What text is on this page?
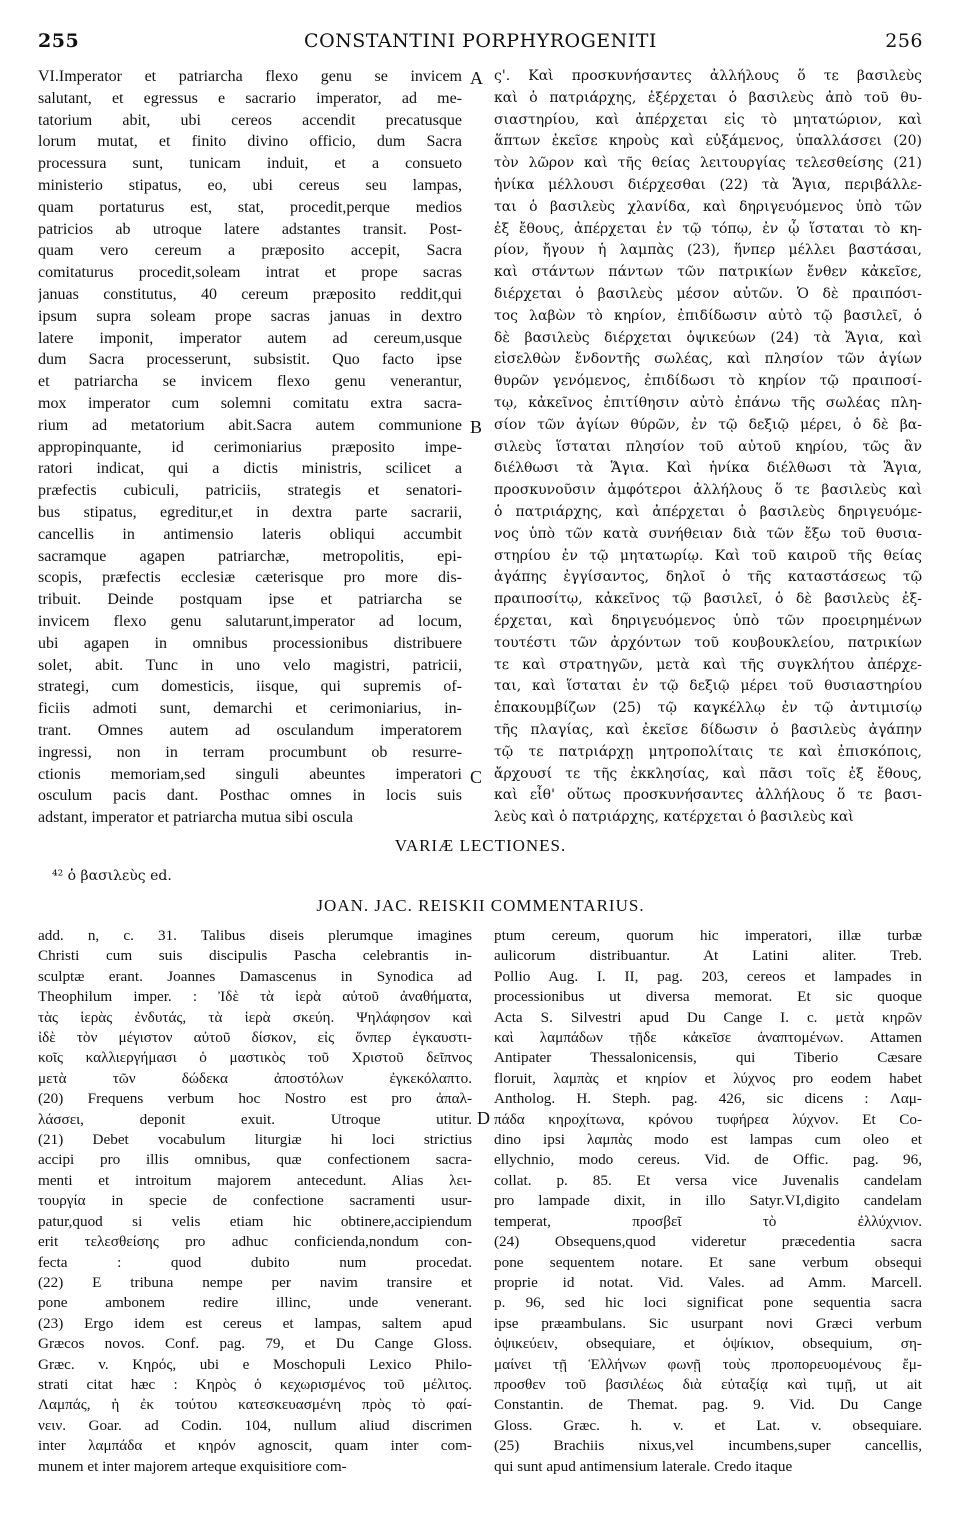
255	CONSTANTINI PORPHYROGENITI	256
VI.Imperator et patriarcha flexo genu se invicem
salutant, et egressus e sacrario imperator, ad me-
tatorium abit, ubi cereos accendit precatusque
lorum mutat, et finito divino officio, dum Sacra
processura sunt, tunicam induit, et a consueto
ministerio stipatus, eo, ubi cereus seu lampas,
quam portaturus est, stat, procedit,perque medios
patricios ab utroque latere adstantes transit. Post-
quam vero cereum a præposito accepit, Sacra
comitaturus procedit,soleam intrat et prope sacras
januas constitutus, 40 cereum præposito reddit,qui
ipsum supra soleam prope sacras januas in dextro
latere imponit, imperator autem ad cereum,usque
dum Sacra processerunt, subsistit. Quo facto ipse
et patriarcha se invicem flexo genu venerantur,
mox imperator cum solemni comitatu extra sacra-
rium ad metatorium abit.Sacra autem communione
appropinquante, id cerimoniarius præposito impe-
ratori indicat, qui a dictis ministris, scilicet a
præfectis cubiculi, patriciis, strategis et senatori-
bus stipatus, egreditur,et in dextra parte sacrarii,
cancellis in antimensio lateris obliqui accumbit
sacramque agapen patriarchæ, metropolitis, epi-
scopis, præfectis ecclesiæ cæterisque pro more dis-
tribuit. Deinde postquam ipse et patriarcha se
invicem flexo genu salutarunt,imperator ad locum,
ubi agapen in omnibus processionibus distribuere
solet, abit. Tunc in uno velo magistri, patricii,
strategi, cum domesticis, iisque, qui supremis of-
ficiis admoti sunt, demarchi et cerimoniarius, in-
trant. Omnes autem ad osculandum imperatorem
ingressi, non in terram procumbunt ob resurre-
ctionis memoriam,sed singuli abeuntes imperatori
osculum pacis dant. Posthac omnes in locis suis
adstant, imperator et patriarcha mutua sibi oscula
ς'. Καὶ προσκυνήσαντες ἀλλήλους ὅ τε βασιλεὺς
καὶ ὁ πατριάρχης, ἐξέρχεται ὁ βασιλεὺς ἀπὸ τοῦ θυ-
σιαστηρίου, καὶ ἀπέρχεται εἰς τὸ μητατώριον, καὶ
ἅπτων ἐκεῖσε κηροὺς καὶ εὐξάμενος, ὑπαλλάσσει (20)
τὸν λῶρον καὶ τῆς θείας λειτουργίας τελεσθείσης (21)
ἡνίκα μέλλουσι διέρχεσθαι (22) τὰ Ἅγια, περιβάλλε-
ται ὁ βασιλεὺς χλανίδα, καὶ δηριγευόμενος ὑπὸ τῶν
ἐξ ἔθους, ἀπέρχεται ἐν τῷ τόπῳ, ἐν ᾧ ἵσταται τὸ κη-
ρίον, ἤγουν ἡ λαμπὰς (23), ἥνπερ μέλλει βαστάσαι,
καὶ στάντων πάντων τῶν πατρικίων ἔνθεν κἀκεῖσε,
διέρχεται ὁ βασιλεὺς μέσον αὐτῶν. Ὁ δὲ πραιπόσι-
τος λαβὼν τὸ κηρίον, ἐπιδίδωσιν αὐτὸ τῷ βασιλεῖ, ὁ
δὲ βασιλεὺς διέρχεται ὀψικεύων (24) τὰ Ἅγια, καὶ
εἰσελθὼν ἔνδοντῆς σωλέας, καὶ πλησίον τῶν ἁγίων
θυρῶν γενόμενος, ἐπιδίδωσι τὸ κηρίον τῷ πραιποσί-
τῳ, κἀκεῖνος ἐπιτίθησιν αὐτὸ ἐπάνω τῆς σωλέας πλη-
σίον τῶν ἁγίων θύρῶν, ἐν τῷ δεξιῷ μέρει, ὁ δὲ βα-
σιλεὺς ἵσταται πλησίον τοῦ αὐτοῦ κηρίου, τῶς ἂν
διέλθωσι τὰ Ἅγια. Καὶ ἡνίκα διέλθωσι τὰ Ἅγια,
προσκυνοῦσιν ἀμφότεροι ἀλλήλους ὅ τε βασιλεὺς καὶ
ὁ πατριάρχης, καὶ ἀπέρχεται ὁ βασιλεὺς δηριγευόμε-
νος ὑπὸ τῶν κατὰ συνήθειαν διὰ τῶν ἔξω τοῦ θυσια-
στηρίου ἐν τῷ μητατωρίῳ. Καὶ τοῦ καιροῦ τῆς θείας
ἀγάπης ἐγγίσαντος, δηλοῖ ὁ τῆς καταστάσεως τῷ
πραιποσίτῳ, κἀκεῖνος τῷ βασιλεῖ, ὁ δὲ βασιλεὺς ἐξ-
έρχεται, καὶ δηριγευόμενος ὑπὸ τῶν προειρημένων
τουτέστι τῶν ἀρχόντων τοῦ κουβουκλείου, πατρικίων
τε καὶ στρατηγῶν, μετὰ καὶ τῆς συγκλήτου ἀπέρχε-
ται, καὶ ἵσταται ἐν τῷ δεξιῷ μέρει τοῦ θυσιαστηρίου
ἐπακουμβίζων (25) τῷ καγκέλλῳ ἐν τῷ ἀντιμισίῳ
τῆς πλαγίας, καὶ ἐκεῖσε δίδωσιν ὁ βασιλεὺς ἀγάπην
τῷ τε πατριάρχῃ μητροπολίταις τε καὶ ἐπισκόποις,
ἄρχουσί τε τῆς ἐκκλησίας, καὶ πᾶσι τοῖς ἐξ ἔθους,
καὶ εἶθ' οὕτως προσκυνήσαντες ἀλλήλους ὅ τε βασι-
λεὺς καὶ ὁ πατριάρχης, κατέρχεται ὁ βασιλεὺς καὶ
A
B
C
VARIÆ LECTIONES.
⁴² ὁ βασιλεὺς ed.
JOAN. JAC. REISKII COMMENTARIUS.
add. n, c. 31. Talibus diseis plerumque imagines
Christi cum suis discipulis Pascha celebrantis in-
sculptæ erant. Joannes Damascenus in Synodica ad
Theophilum imper. : Ἰδὲ τὰ ἱερὰ αὐτοῦ ἀναθήματα,
τὰς ἱερὰς ἐνδυτάς, τὰ ἱερὰ σκεύη. Ψηλάφησον καὶ
ἰδὲ τὸν μέγιστον αὐτοῦ δίσκον, εἰς ὅνπερ ἐγκαυστι-
κοῖς καλλιεργήμασι ὁ μαστικὸς τοῦ Χριστοῦ δεῖπνος
μετὰ τῶν δώδεκα ἀποστόλων ἐγκεκόλαπτο.
(20) Frequens verbum hoc Nostro est pro ἀπαλ-
λάσσει, deponit exuit. Utroque utitur.
(21) Debet vocabulum liturgiæ hi loci strictius
accipi pro illis omnibus, quæ confectionem sacra-
menti et introitum majorem antecedunt. Alias λει-
τουργία in specie de confectione sacramenti usur-
patur,quod si velis etiam hic obtinere,accipiendum
erit τελεσθείσης pro adhuc conficienda,nondum con-
fecta : quod dubito num procedat.
(22) E tribuna nempe per navim transire et
pone ambonem redire illinc, unde venerant.
(23) Ergo idem est cereus et lampas, saltem apud
Græcos novos. Conf. pag. 79, et Du Cange Gloss.
Græc. v. Κηρός, ubi e Moschopuli Lexico Philo-
strati citat hæc : Κηρὸς ὁ κεχωρισμένος τοῦ μέλιτος.
Λαμπάς, ἡ ἐκ τούτου κατεσκευασμένη πρὸς τὸ φαί-
νειν. Goar. ad Codin. 104, nullum aliud discrimen
inter λαμπάδα et κηρόν agnoscit, quam inter com-
munem et inter majorem arteque exquisitiore com-
ptum cereum, quorum hic imperatori, illæ turbæ
aulicorum distribuantur. At Latini aliter. Treb.
Pollio Aug. I. II, pag. 203, cereos et lampades in
processionibus ut diversa memorat. Et sic quoque
Acta S. Silvestri apud Du Cange I. c. μετὰ κηρῶν
καὶ λαμπάδων τῇδε κἀκεῖσε ἀναπτομένων. Attamen
Antipater Thessalonicensis, qui Tiberio Cæsare
floruit, λαμπὰς et κηρίον et λύχνος pro eodem habet
Antholog. H. Steph. pag. 426, sic dicens : Λαμ-
πάδα κηροχίτωνα, κρόνου τυφήρεα λύχνον. Et Co-
dino ipsi λαμπὰς modo est lampas cum oleo et
ellychnio, modo cereus. Vid. de Offic. pag. 96,
collat. p. 85. Et versa vice Juvenalis candelam
pro lampade dixit, in illo Satyr.VI,digito candelam
temperat, προσβεῖ τὸ ἐλλύχνιον.
(24) Obsequens,quod videretur præcedentia sacra
pone sequentem notare. Et sane verbum obsequi
proprie id notat. Vid. Vales. ad Amm. Marcell.
p. 96, sed hic loci significat pone sequentia sacra
ipse præambulans. Sic usurpant novi Græci verbum
ὀψικεύειν, obsequiare, et ὀψίκιον, obsequium, ση-
μαίνει τῇ Ἑλλήνων φωνῇ τοὺς προπορευομένους ἔμ-
προσθεν τοῦ βασιλέως διὰ εὐταξίᾳ καὶ τιμῇ, ut ait
Constantin. de Themat. pag. 9. Vid. Du Cange
Gloss. Græc. h. v. et Lat. v. obsequiare.
(25) Brachiis nixus,vel incumbens,super cancellis,
qui sunt apud antimensium laterale. Credo itaque
D
